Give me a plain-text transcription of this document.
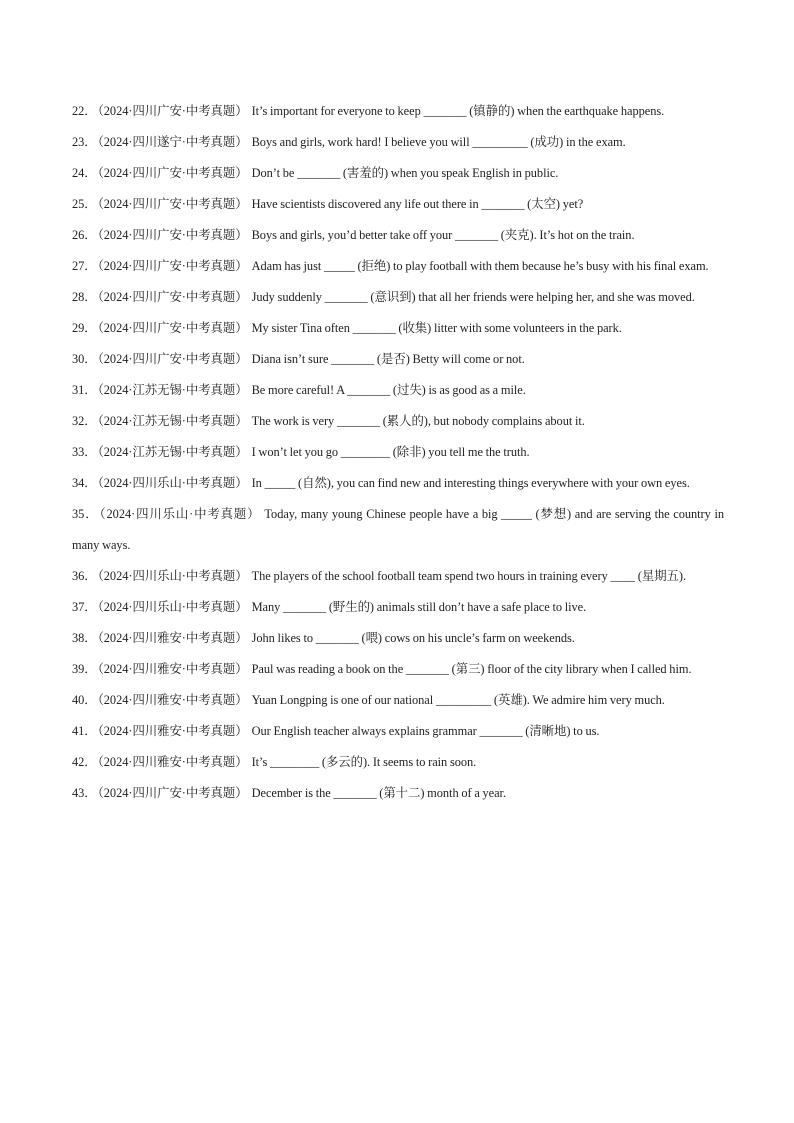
22．（2024·四川广安·中考真题） It’s important for everyone to keep _______ (镇静的) when the earthquake happens.

23．（2024·四川遂宁·中考真题） Boys and girls, work hard! I believe you will _________ (成功) in the exam.

24．（2024·四川广安·中考真题） Don’t be _______ (害羞的) when you speak English in public.

25．（2024·四川广安·中考真题） Have scientists discovered any life out there in _______ (太空) yet?

26．（2024·四川广安·中考真题） Boys and girls, you’d better take off your _______ (夹克). It’s hot on the train.

27．（2024·四川广安·中考真题） Adam has just _____ (拒绝) to play football with them because he’s busy with his final exam.

28．（2024·四川广安·中考真题） Judy suddenly _______ (意识到) that all her friends were helping her, and she was moved.

29．（2024·四川广安·中考真题） My sister Tina often _______ (收集) litter with some volunteers in the park.

30．（2024·四川广安·中考真题） Diana isn’t sure _______ (是否) Betty will come or not.

31．（2024·江苏无锡·中考真题） Be more careful! A _______ (过失) is as good as a mile.

32．（2024·江苏无锡·中考真题） The work is very _______ (累人的), but nobody complains about it.

33．（2024·江苏无锡·中考真题） I won’t let you go ________ (除非) you tell me the truth.

34．（2024·四川乐山·中考真题） In _____ (自然), you can find new and interesting things everywhere with your own eyes.

35．（2024·四川乐山·中考真题） Today, many young Chinese people have a big _____ (梦想) and are serving the country in many ways.

36．（2024·四川乐山·中考真题） The players of the school football team spend two hours in training every ____ (星期五).

37．（2024·四川乐山·中考真题） Many _______ (野生的) animals still don’t have a safe place to live.

38．（2024·四川雅安·中考真题） John likes to _______ (喂) cows on his uncle’s farm on weekends.

39．（2024·四川雅安·中考真题） Paul was reading a book on the _______ (第三) floor of the city library when I called him.

40．（2024·四川雅安·中考真题） Yuan Longping is one of our national _________ (英雄). We admire him very much.

41．（2024·四川雅安·中考真题） Our English teacher always explains grammar _______ (清晰地) to us.

42．（2024·四川雅安·中考真题） It’s ________ (多云的). It seems to rain soon.

43．（2024·四川广安·中考真题） December is the _______ (第十二) month of a year.
